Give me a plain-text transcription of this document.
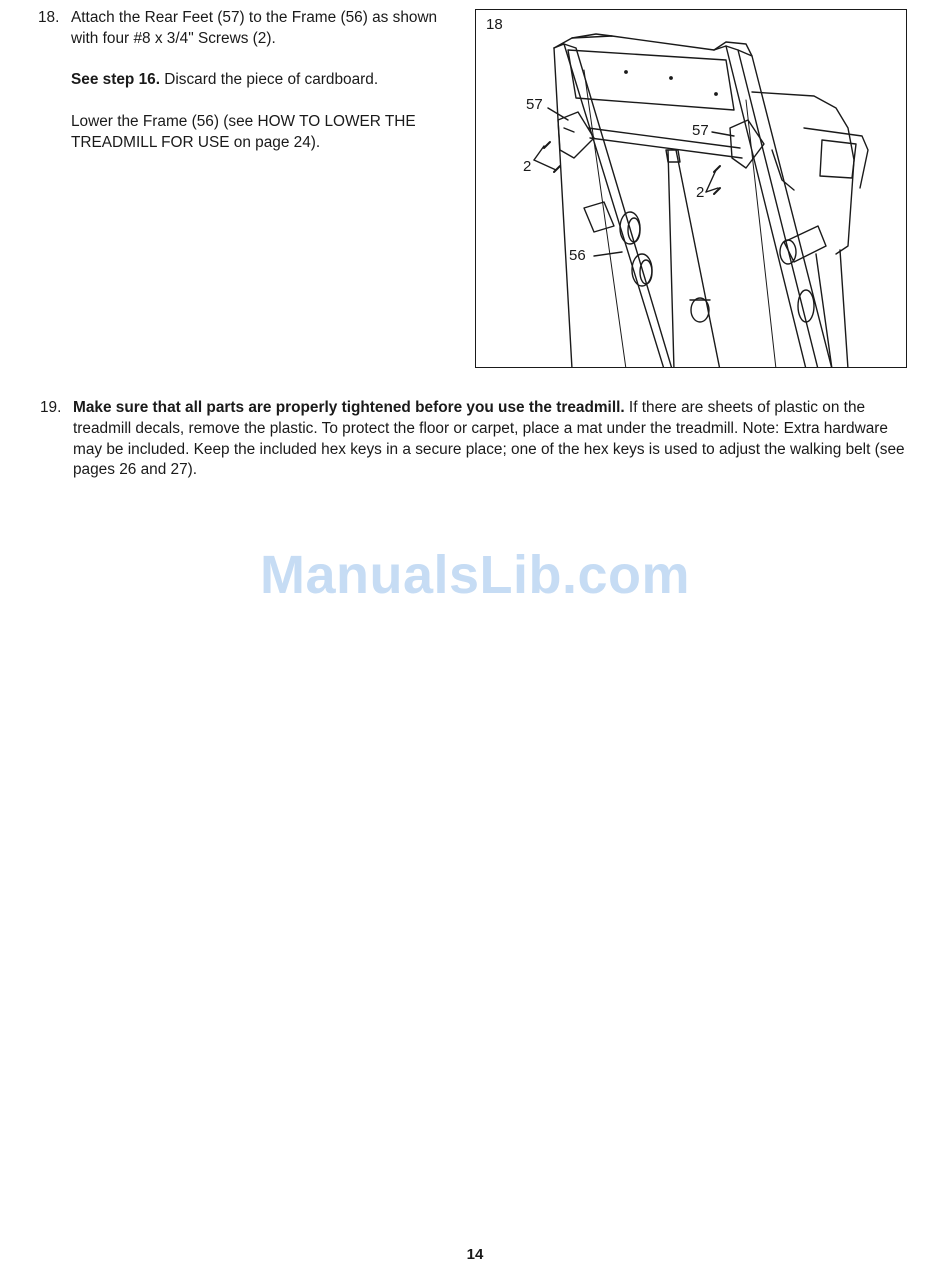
18. Attach the Rear Feet (57) to the Frame (56) as shown with four #8 x 3/4" Screws (2).

See step 16. Discard the piece of cardboard.

Lower the Frame (56) (see HOW TO LOWER THE TREADMILL FOR USE on page 24).

18
57
57
2
2
56
19. Make sure that all parts are properly tightened before you use the treadmill. If there are sheets of plastic on the treadmill decals, remove the plastic. To protect the floor or carpet, place a mat under the treadmill. Note: Extra hardware may be included. Keep the included hex keys in a secure place; one of the hex keys is used to adjust the walking belt (see pages 26 and 27).
ManualsLib.com
14
